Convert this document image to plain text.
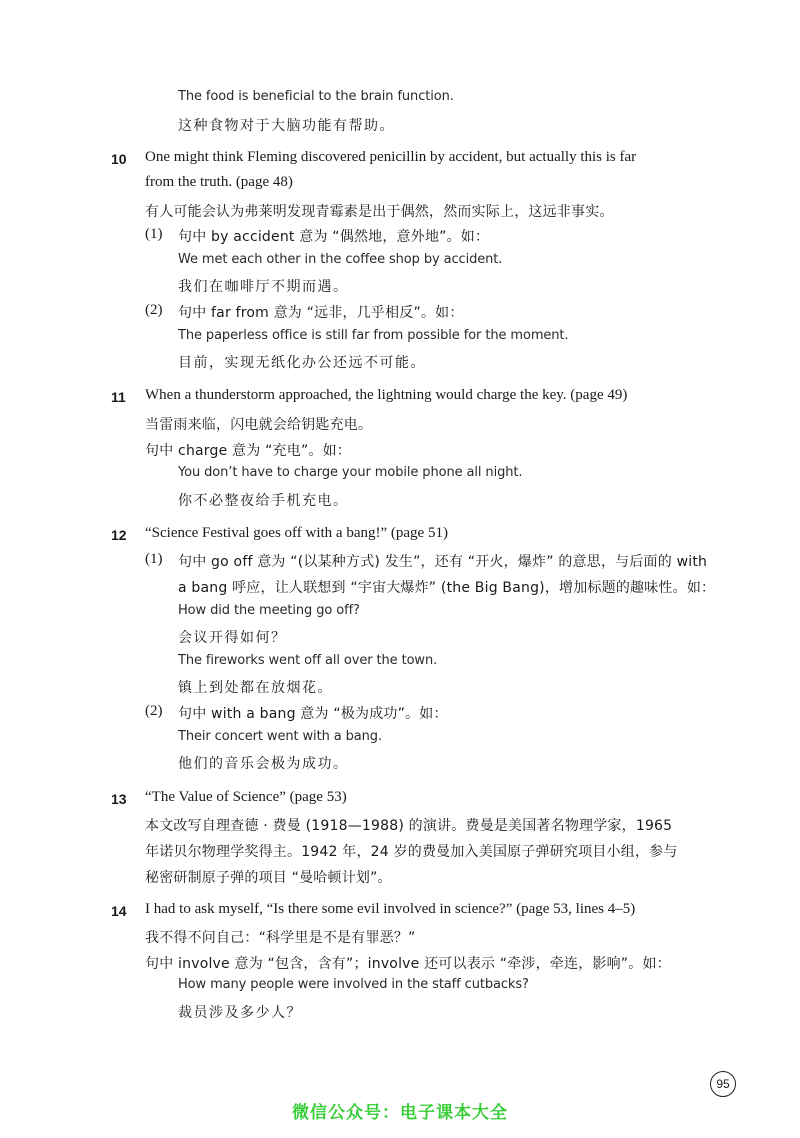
The food is beneficial to the brain function.
这种食物对于大脑功能有帮助。
10 One might think Fleming discovered penicillin by accident, but actually this is far
from the truth. (page 48)
有人可能会认为弗莱明发现青霉素是出于偶然，然而实际上，这远非事实。
(1) 句中 by accident 意为 “偶然地，意外地”。如：
We met each other in the coffee shop by accident.
我们在咖啡厅不期而遇。
(2) 句中 far from 意为 “远非，几乎相反”。如：
The paperless office is still far from possible for the moment.
目前，实现无纸化办公还远不可能。
11 When a thunderstorm approached, the lightning would charge the key. (page 49)
当雷雨来临，闪电就会给钥匙充电。
句中 charge 意为 “充电”。如：
You don’t have to charge your mobile phone all night.
你不必整夜给手机充电。
12 “Science Festival goes off with a bang!” (page 51)
(1) 句中 go off 意为 “(以某种方式) 发生”，还有 “开火，爆炸” 的意思，与后面的 with
a bang 呼应，让人联想到 “宇宙大爆炸” (the Big Bang)，增加标题的趣味性。如：
How did the meeting go off?
会议开得如何？
The fireworks went off all over the town.
镇上到处都在放烟花。
(2) 句中 with a bang 意为 “极为成功”。如：
Their concert went with a bang.
他们的音乐会极为成功。
13 “The Value of Science” (page 53)
本文改写自理查德 · 费曼 (1918—1988) 的演讲。费曼是美国著名物理学家，1965
年诺贝尔物理学奖得主。1942 年，24 岁的费曼加入美国原子弹研究项目小组，参与
秘密研制原子弹的项目 “曼哈顿计划”。
14 I had to ask myself, “Is there some evil involved in science?” (page 53, lines 4–5)
我不得不问自己：“科学里是不是有罪恶？”
句中 involve 意为 “包含，含有”；involve 还可以表示 “牵涉，牵连，影响”。如：
How many people were involved in the staff cutbacks?
裁员涉及多少人？
95
微信公众号：电子课本大全
